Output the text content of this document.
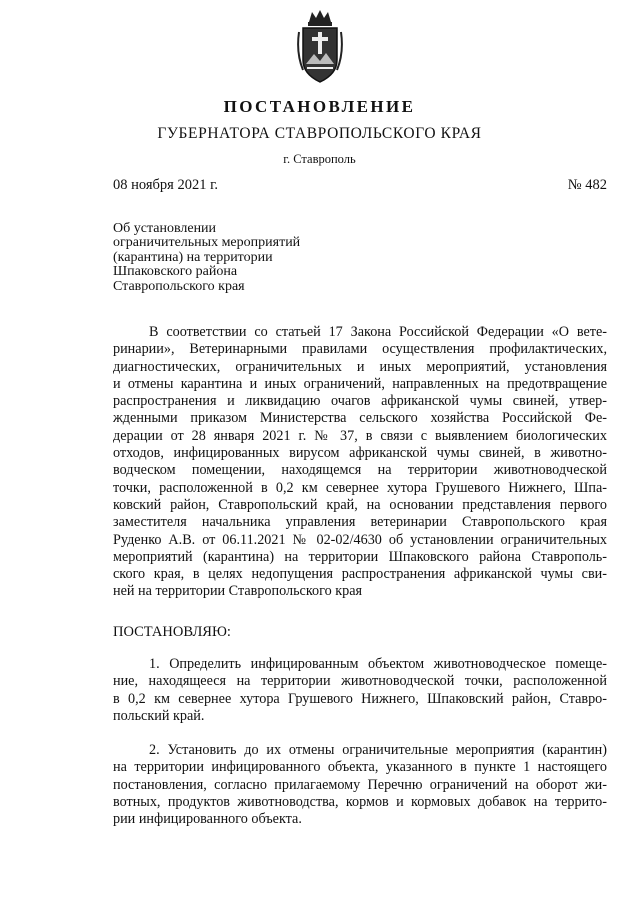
ПОСТАНОВЛЕНИЕ
ГУБЕРНАТОРА СТАВРОПОЛЬСКОГО КРАЯ
г. Ставрополь
08 ноября 2021 г.	№ 482
Об установлении
ограничительных мероприятий
(карантина) на территории
Шпаковского района
Ставропольского края
В соответствии со статьей 17 Закона Российской Федерации «О вете-
ринарии», Ветеринарными правилами осуществления профилактических,
диагностических, ограничительных и иных мероприятий, установления
и отмены карантина и иных ограничений, направленных на предотвращение
распространения и ликвидацию очагов африканской чумы свиней, утвер-
жденными приказом Министерства сельского хозяйства Российской Фе-
дерации от 28 января 2021 г. № 37, в связи с выявлением биологических
отходов, инфицированных вирусом африканской чумы свиней, в животно-
водческом помещении, находящемся на территории животноводческой
точки, расположенной в 0,2 км севернее хутора Грушевого Нижнего, Шпа-
ковский район, Ставропольский край, на основании представления первого
заместителя начальника управления ветеринарии Ставропольского края
Руденко А.В. от 06.11.2021 № 02-02/4630 об установлении ограничительных
мероприятий (карантина) на территории Шпаковского района Ставрополь-
ского края, в целях недопущения распространения африканской чумы сви-
ней на территории Ставропольского края
ПОСТАНОВЛЯЮ:
1. Определить инфицированным объектом животноводческое помеще-
ние, находящееся на территории животноводческой точки, расположенной
в 0,2 км севернее хутора Грушевого Нижнего, Шпаковский район, Ставро-
польский край.
2. Установить до их отмены ограничительные мероприятия (карантин)
на территории инфицированного объекта, указанного в пункте 1 настоящего
постановления, согласно прилагаемому Перечню ограничений на оборот жи-
вотных, продуктов животноводства, кормов и кормовых добавок на террито-
рии инфицированного объекта.
